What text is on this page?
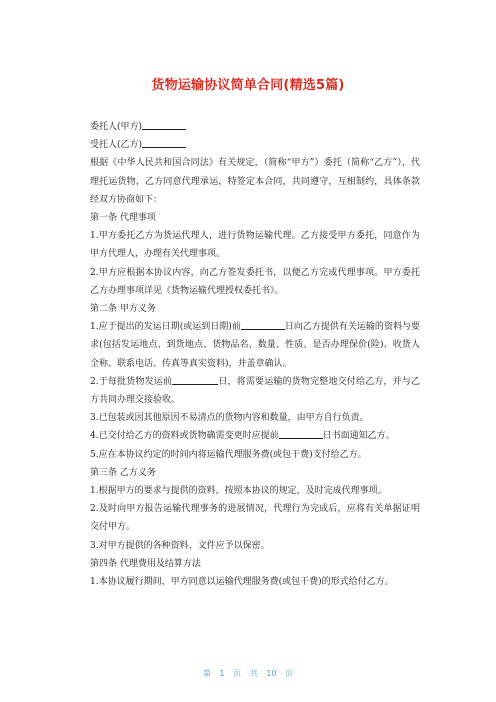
货物运输协议简单合同(精选5篇)

委托人(甲方)

受托人(乙方)

根据《中华人民共和国合同法》有关规定，（简称“甲方”）委托（简称“乙方”），代理托运货物，乙方同意代理承运，特签定本合同，共同遵守，互相制约，具体条款经双方协商如下：

第一条 代理事项

1.甲方委托乙方为货运代理人，进行货物运输代理。乙方接受甲方委托，同意作为甲方代理人，办理有关代理事项。

2.甲方应根据本协议内容，向乙方签发委托书，以便乙方完成代理事项。甲方委托乙方办理事项详见《货物运输代理授权委托书》。

第二条 甲方义务

1.应于提出的发运日期(或运到日期)前	日向乙方提供有关运输的资料与要求(包括发运地点、到货地点、货物品名、数量、性质、是否办理保价(险)、收货人全称、联系电话、传真等真实资料)，并盖章确认。

2.于每批货物发运前	日，将需要运输的货物完整地交付给乙方，并与乙方共同办理交接验收。

3.已包装或因其他原因不易清点的货物内容和数量，由甲方自行负责。

4.已交付给乙方的资料或货物确需变更时应提前	日书面通知乙方。

5.应在本协议约定的时间内将运输代理服务费(或包干费)支付给乙方。

第三条 乙方义务

1.根据甲方的要求与提供的资料，按照本协议的规定，及时完成代理事项。

2.及时向甲方报告运输代理事务的进展情况，代理行为完成后，应将有关单据证明交付甲方。

3.对甲方提供的各种资料、文件应予以保密。

第四条 代理费用及结算方法

1.本协议履行期间，甲方同意以运输代理服务费(或包干费)的形式给付乙方。

第 1 页 共 10 页
